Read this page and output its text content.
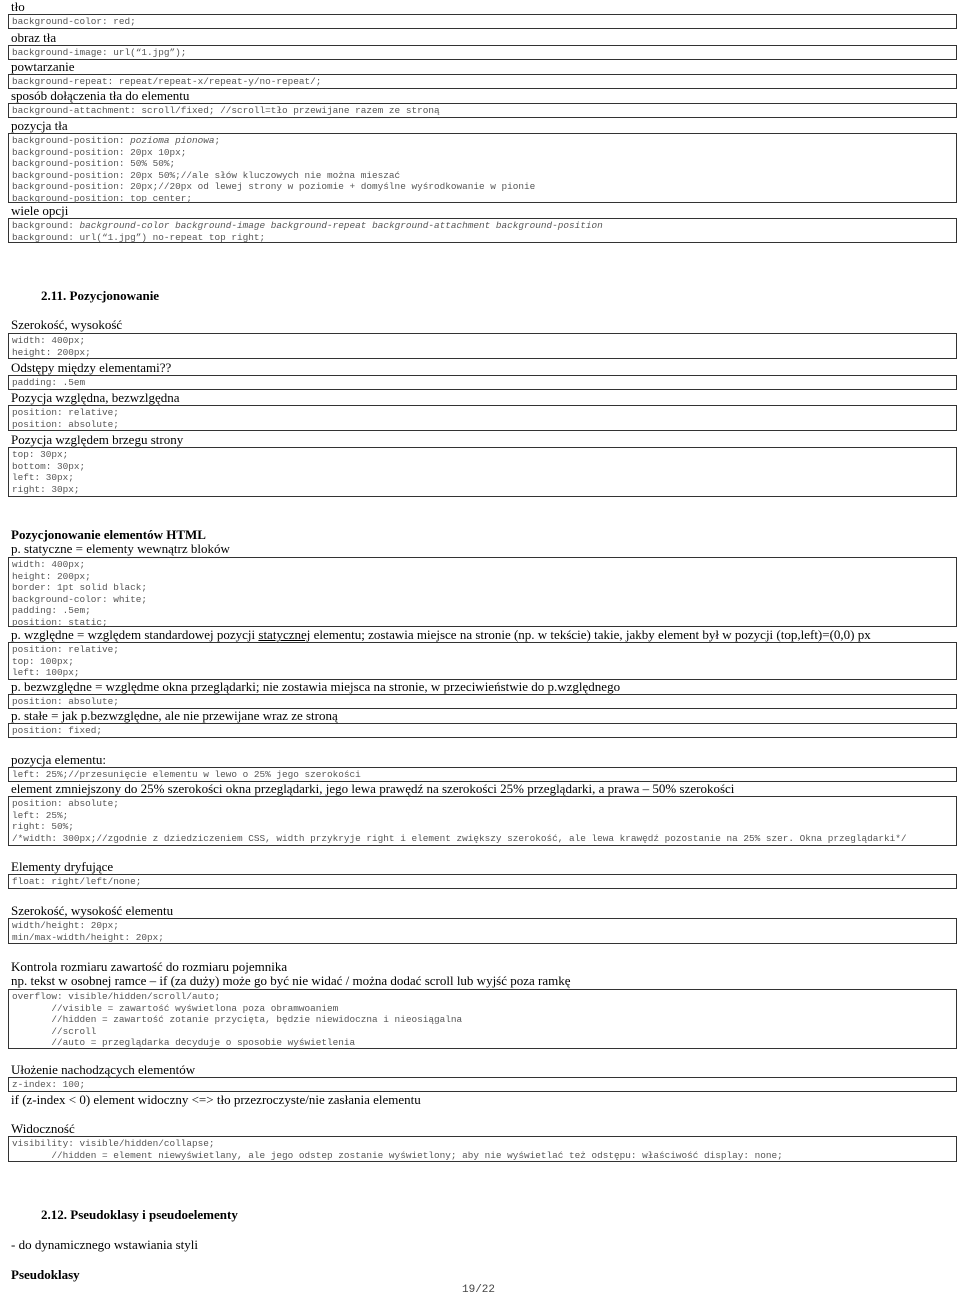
tło
background-color: red;
obraz tła
background-image: url(“1.jpg”);
powtarzanie
background-repeat: repeat/repeat-x/repeat-y/no-repeat/;
sposób dołączenia tła do elementu
background-attachment: scroll/fixed; //scroll=tło przewijane razem ze stroną
pozycja tła
background-position: pozioma pionowa;
background-position: 20px 10px;
background-position: 50% 50%;
background-position: 20px 50%;//ale słów kluczowych nie można mieszać
background-position: 20px;//20px od lewej strony w poziomie + domyślne wyśrodkowanie w pionie
background-position: top center;
wiele opcji
background: background-color background-image background-repeat background-attachment background-position
background: url(“1.jpg”) no-repeat top right;
2.11. Pozycjonowanie
Szerokość, wysokość
width: 400px;
height: 200px;
Odstępy między elementami??
padding: .5em
Pozycja względna, bezwzlgędna
position: relative;
position: absolute;
Pozycja względem brzegu strony
top: 30px;
bottom: 30px;
left: 30px;
right: 30px;
Pozycjonowanie elementów HTML
p. statyczne = elementy wewnątrz bloków
width: 400px;
height: 200px;
border: 1pt solid black;
background-color: white;
padding: .5em;
position: static;
p. względne = względem standardowej pozycji statycznej elementu; zostawia miejsce na stronie (np. w tekście) takie, jakby element był w pozycji (top,left)=(0,0) px
position: relative;
top: 100px;
left: 100px;
p. bezwzględne = względme okna przeglądarki; nie zostawia miejsca na stronie, w przeciwieństwie do p.względnego
position: absolute;
p. stałe = jak p.bezwzględne, ale nie przewijane wraz ze stroną
position: fixed;
pozycja elementu:
left: 25%;//przesunięcie elementu w lewo o 25% jego szerokości
element zmniejszony do 25% szerokości okna przeglądarki, jego lewa prawędź na szerokości 25% przeglądarki, a prawa – 50% szerokości
position: absolute;
left: 25%;
right: 50%;
/*width: 300px;//zgodnie z dziedziczeniem CSS, width przykryje right i element zwiększy szerokość, ale lewa krawędź pozostanie na 25% szer. Okna przeglądarki*/
Elementy dryfujące
float: right/left/none;
Szerokość, wysokość elementu
width/height: 20px;
min/max-width/height: 20px;
Kontrola rozmiaru zawartość do rozmiaru pojemnika
np. tekst w osobnej ramce – if (za duży) może go być nie widać / można dodać scroll lub wyjść poza ramkę
overflow: visible/hidden/scroll/auto;
//visible = zawartość wyświetlona poza obramwoaniem
//hidden = zawartość zotanie przycięta, będzie niewidoczna i nieosiągalna
//scroll
//auto = przeglądarka decyduje o sposobie wyświetlenia
Ułożenie nachodzących elementów
z-index: 100;
if (z-index < 0) element widoczny <=> tło przezroczyste/nie zasłania elementu
Widoczność
visibility: visible/hidden/collapse;
//hidden = element niewyświetlany, ale jego odstep zostanie wyświetlony; aby nie wyświetlać też odstępu: właściwość display: none;
2.12. Pseudoklasy i pseudoelementy
- do dynamicznego wstawiania styli
Pseudoklasy
19/22
